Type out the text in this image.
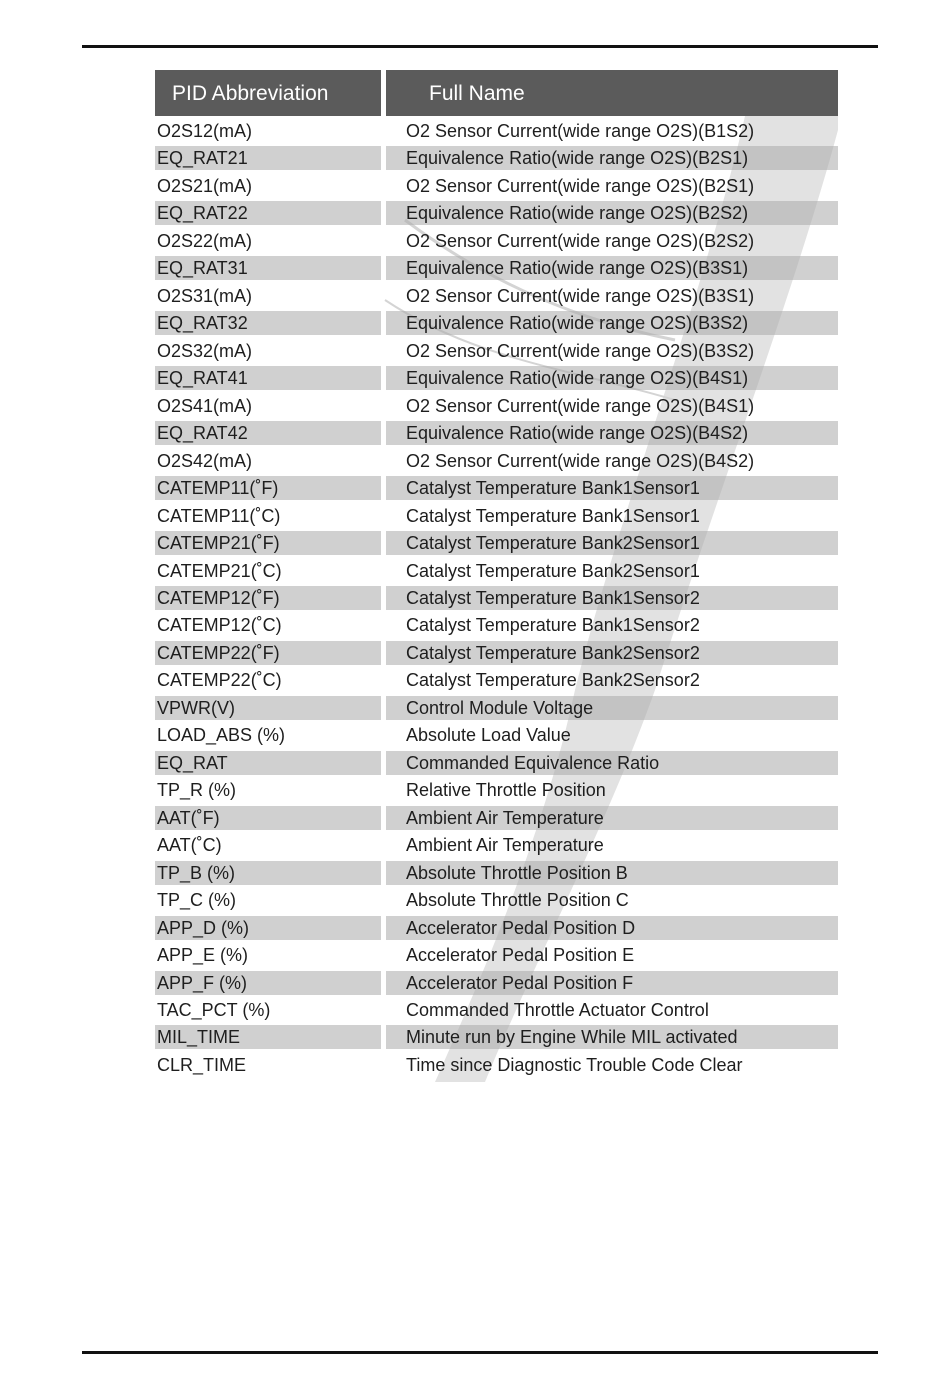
PID Abbreviation	Full Name
O2S12(mA)	O2 Sensor Current(wide range O2S)(B1S2)
EQ_RAT21	Equivalence Ratio(wide range O2S)(B2S1)
O2S21(mA)	O2 Sensor Current(wide range O2S)(B2S1)
EQ_RAT22	Equivalence Ratio(wide range O2S)(B2S2)
O2S22(mA)	O2 Sensor Current(wide range O2S)(B2S2)
EQ_RAT31	Equivalence Ratio(wide range O2S)(B3S1)
O2S31(mA)	O2 Sensor Current(wide range O2S)(B3S1)
EQ_RAT32	Equivalence Ratio(wide range O2S)(B3S2)
O2S32(mA)	O2 Sensor Current(wide range O2S)(B3S2)
EQ_RAT41	Equivalence Ratio(wide range O2S)(B4S1)
O2S41(mA)	O2 Sensor Current(wide range O2S)(B4S1)
EQ_RAT42	Equivalence Ratio(wide range O2S)(B4S2)
O2S42(mA)	O2 Sensor Current(wide range O2S)(B4S2)
CATEMP11(˚F)	Catalyst Temperature Bank1Sensor1
CATEMP11(˚C)	Catalyst Temperature Bank1Sensor1
CATEMP21(˚F)	Catalyst Temperature Bank2Sensor1
CATEMP21(˚C)	Catalyst Temperature Bank2Sensor1
CATEMP12(˚F)	Catalyst Temperature Bank1Sensor2
CATEMP12(˚C)	Catalyst Temperature Bank1Sensor2
CATEMP22(˚F)	Catalyst Temperature Bank2Sensor2
CATEMP22(˚C)	Catalyst Temperature Bank2Sensor2
VPWR(V)	Control Module Voltage
LOAD_ABS (%)	Absolute Load Value
EQ_RAT	Commanded Equivalence Ratio
TP_R (%)	Relative Throttle Position
AAT(˚F)	Ambient Air Temperature
AAT(˚C)	Ambient Air Temperature
TP_B (%)	Absolute Throttle Position B
TP_C (%)	Absolute Throttle Position C
APP_D (%)	Accelerator Pedal Position D
APP_E (%)	Accelerator Pedal Position E
APP_F (%)	Accelerator Pedal Position F
TAC_PCT (%)	Commanded Throttle Actuator Control
MIL_TIME	Minute run by Engine While MIL activated
CLR_TIME	Time since Diagnostic Trouble Code Clear
